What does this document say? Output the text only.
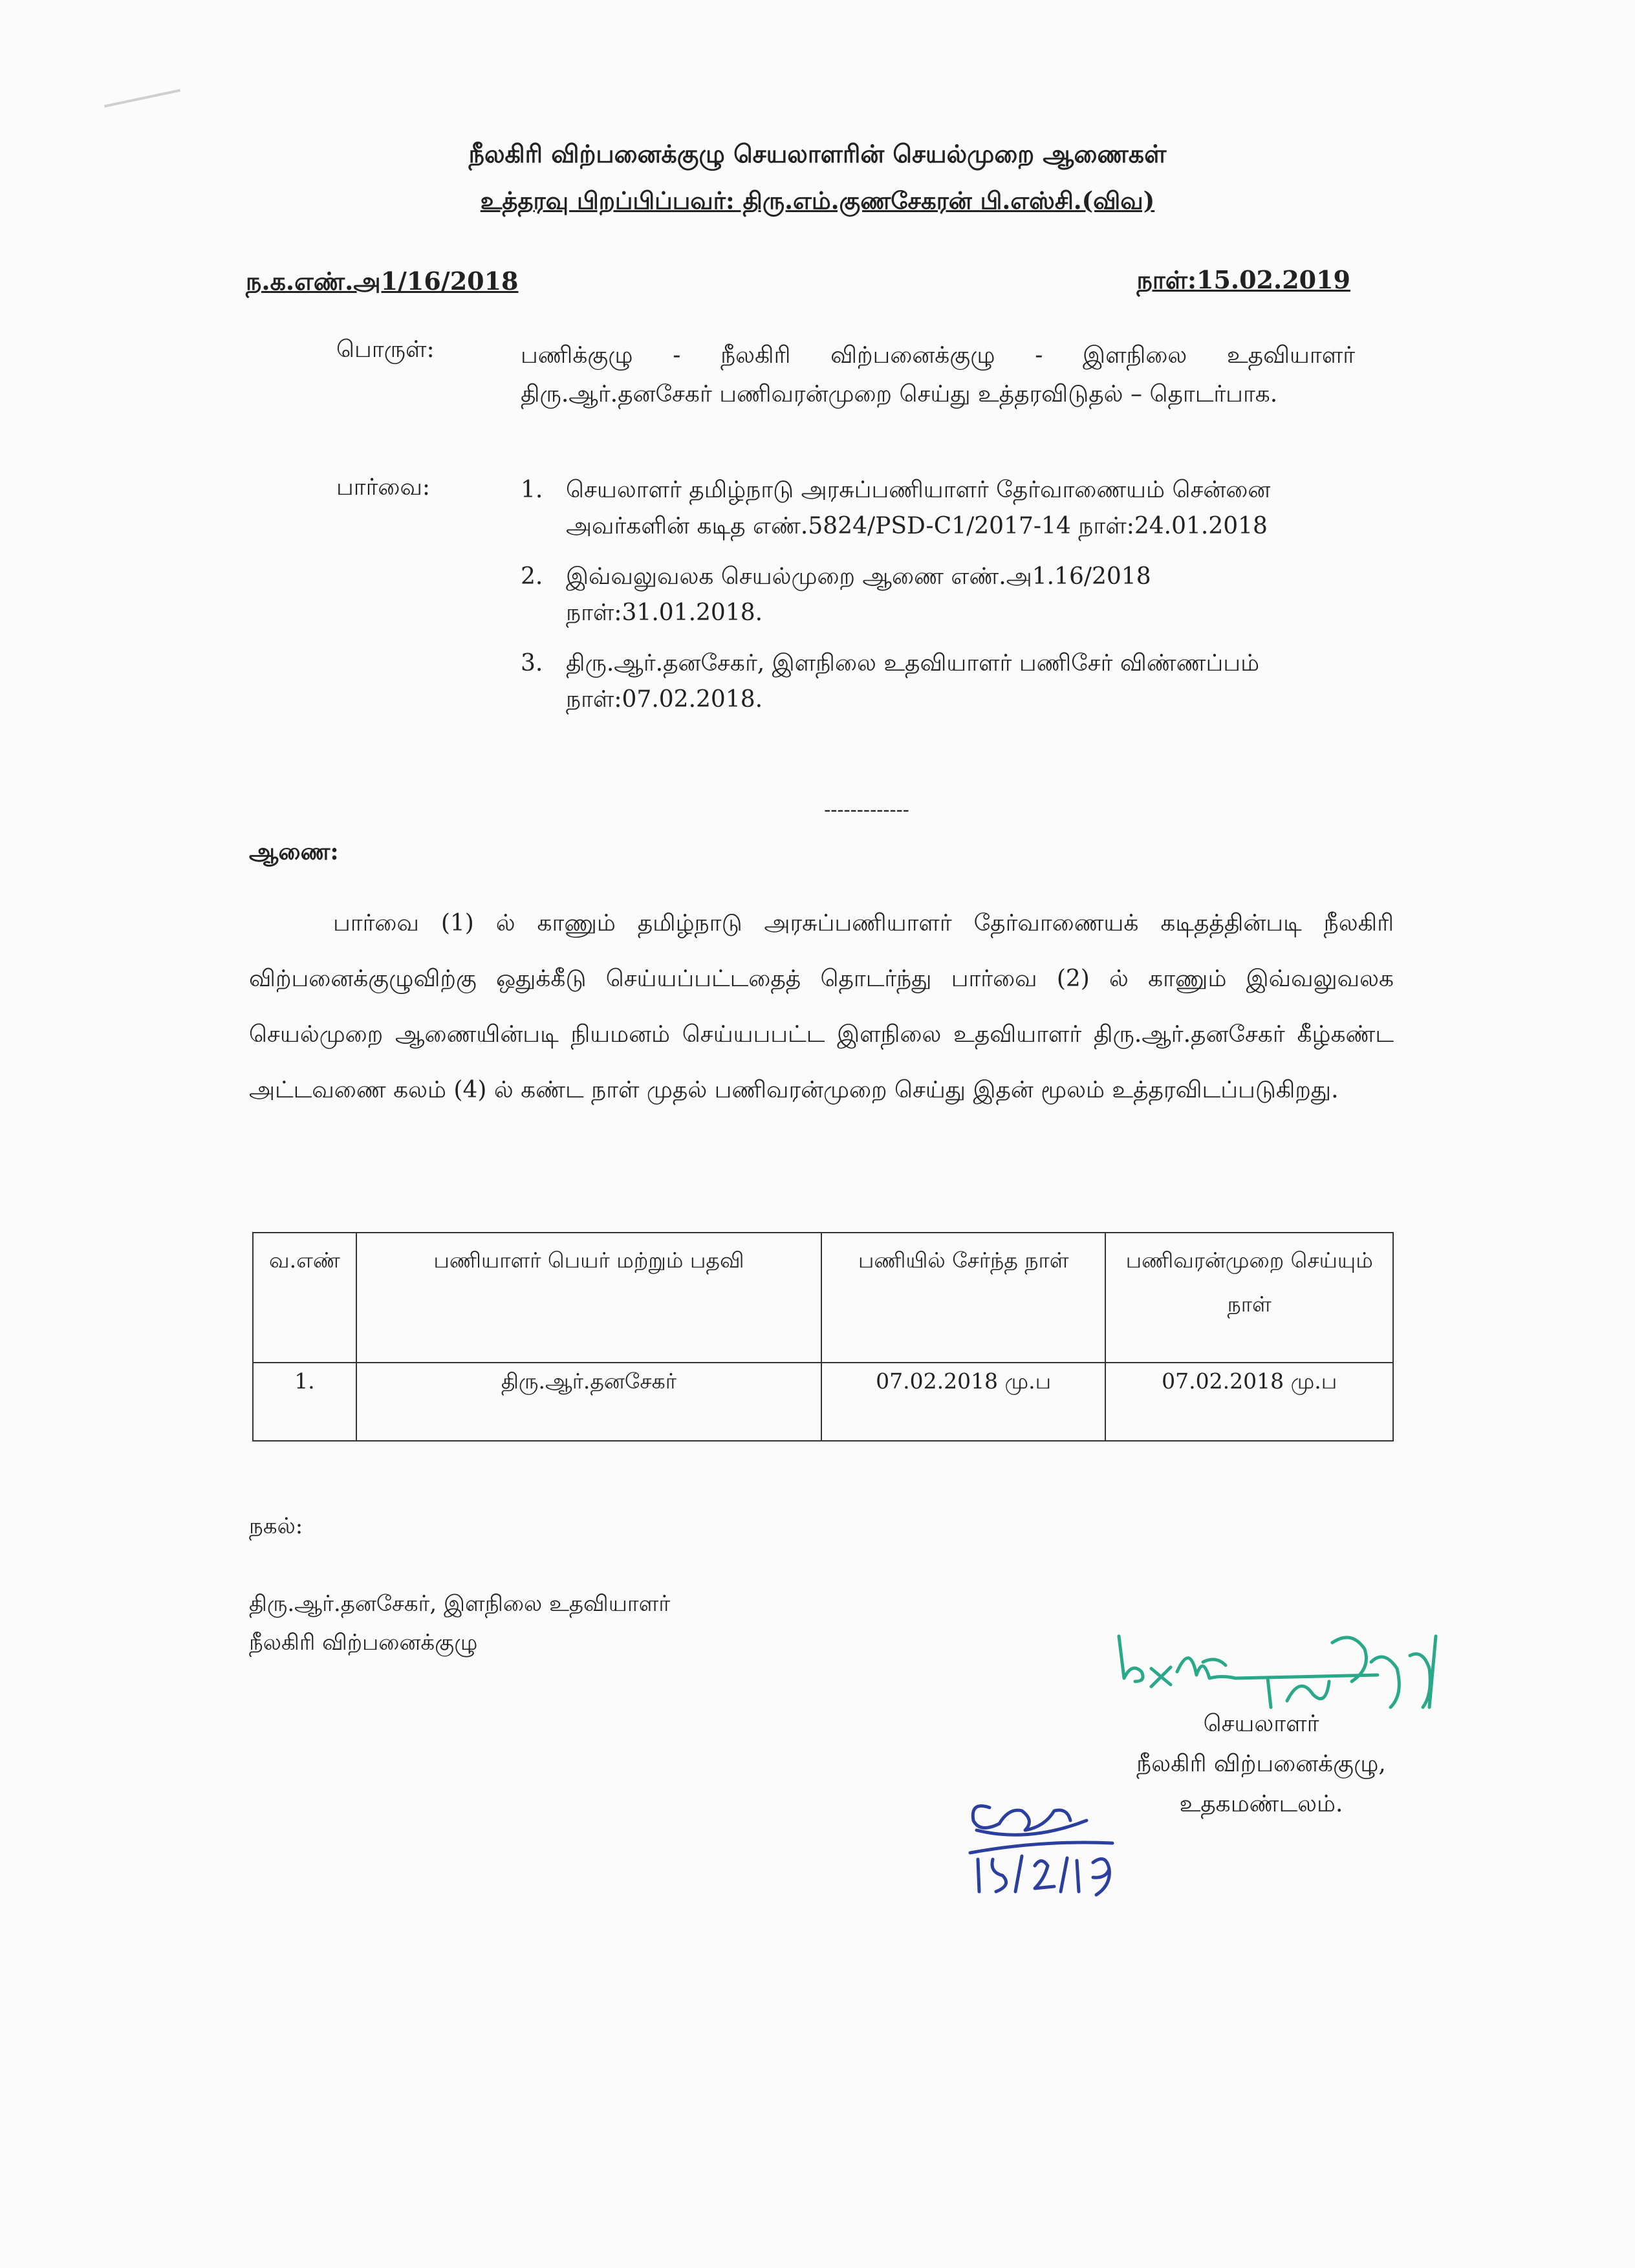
நீலகிரி விற்பனைக்குழு செயலாளரின் செயல்முறை ஆணைகள்
உத்தரவு பிறப்பிப்பவர்: திரு.எம்.குணசேகரன் பி.எஸ்சி.(விவ)
ந.க.எண்.அ1/16/2018	நாள்:15.02.2019
பொருள்:	பணிக்குழு - நீலகிரி விற்பனைக்குழு - இளநிலை உதவியாளர் திரு.ஆர்.தனசேகர் பணிவரன்முறை செய்து உத்தரவிடுதல் – தொடர்பாக.
பார்வை:	1. செயலாளர் தமிழ்நாடு அரசுப்பணியாளர் தேர்வாணையம் சென்னை அவர்களின் கடித எண்.5824/PSD-C1/2017-14 நாள்:24.01.2018
2. இவ்வலுவலக செயல்முறை ஆணை எண்.அ1.16/2018 நாள்:31.01.2018.
3. திரு.ஆர்.தனசேகர், இளநிலை உதவியாளர் பணிசேர் விண்ணப்பம் நாள்:07.02.2018.
-------------
ஆணை:

பார்வை (1) ல் காணும் தமிழ்நாடு அரசுப்பணியாளர் தேர்வாணையக் கடிதத்தின்படி நீலகிரி விற்பனைக்குழுவிற்கு ஒதுக்கீடு செய்யப்பட்டதைத் தொடர்ந்து பார்வை (2) ல் காணும் இவ்வலுவலக செயல்முறை ஆணையின்படி நியமனம் செய்யபபட்ட இளநிலை உதவியாளர் திரு.ஆர்.தனசேகர் கீழ்கண்ட அட்டவணை கலம் (4) ல் கண்ட நாள் முதல் பணிவரன்முறை செய்து இதன் மூலம் உத்தரவிடப்படுகிறது.

வ.எண்	பணியாளர் பெயர் மற்றும் பதவி	பணியில் சேர்ந்த நாள்	பணிவரன்முறை செய்யும் நாள்
1.	திரு.ஆர்.தனசேகர்	07.02.2018 மு.ப	07.02.2018 மு.ப
நகல்:
திரு.ஆர்.தனசேகர், இளநிலை உதவியாளர்
நீலகிரி விற்பனைக்குழு
செயலாளர்
நீலகிரி விற்பனைக்குழு,
உதகமண்டலம்.
